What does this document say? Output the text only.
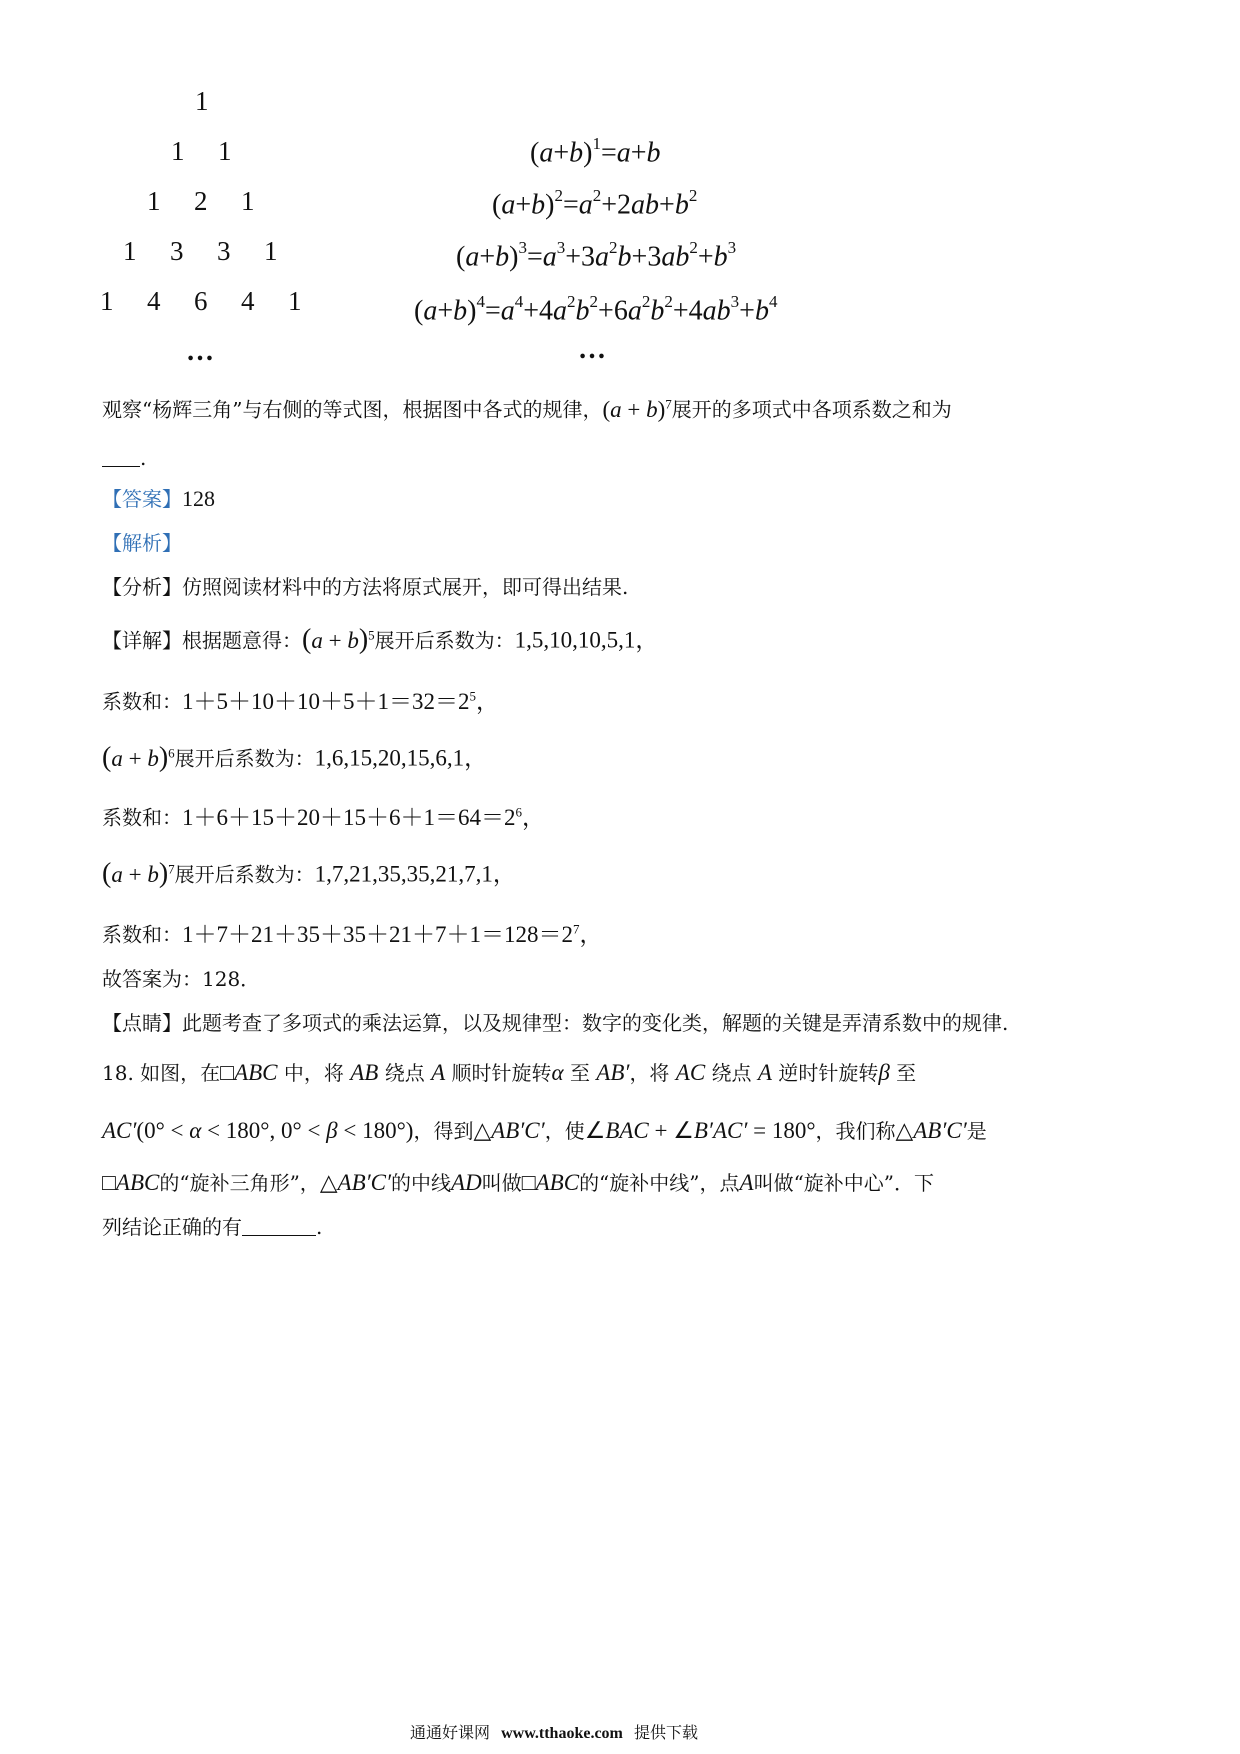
1
1 1
1 2 1
1 3 3 1
1 4 6 4 1
…
$(a+b)^1=a+b$
$(a+b)^2=a^2+2ab+b^2$
$(a+b)^3=a^3+3a^2b+3ab^2+b^3$
$(a+b)^4=a^4+4a^2b^2+6a^2b^2+4ab^3+b^4$
…
观察“杨辉三角”与右侧的等式图，根据图中各式的规律，$(a + b)^7$展开的多项式中各项系数之和为
.
【答案】128
【解析】
【分析】仿照阅读材料中的方法将原式展开，即可得出结果.
【详解】根据题意得：$(a + b)^5$展开后系数为：1,5,10,10,5,1，
系数和：$1+5+10+10+5+1=32=2^5$，
$(a + b)^6$展开后系数为：1,6,15,20,15,6,1，
系数和：$1+6+15+20+15+6+1=64=2^6$，
$(a + b)^7$展开后系数为：1,7,21,35,35,21,7,1，
系数和：$1+7+21+35+35+21+7+1=128=2^7$，
故答案为：128．
【点睛】此题考查了多项式的乘法运算，以及规律型：数字的变化类，解题的关键是弄清系数中的规律.
18. 如图，在□ABC 中，将 AB 绕点 A 顺时针旋转α 至 AB′，将 AC 绕点 A 逆时针旋转β 至
AC′(0° < α < 180°, 0° < β < 180°)，得到△AB′C′，使∠BAC + ∠B′AC′ = 180°，我们称△AB′C′是
□ABC的“旋补三角形”，△AB′C′的中线AD叫做□ABC的“旋补中线”，点A叫做“旋补中心”．下
列结论正确的有	.
通通好课网 www.tthaoke.com 提供下载
